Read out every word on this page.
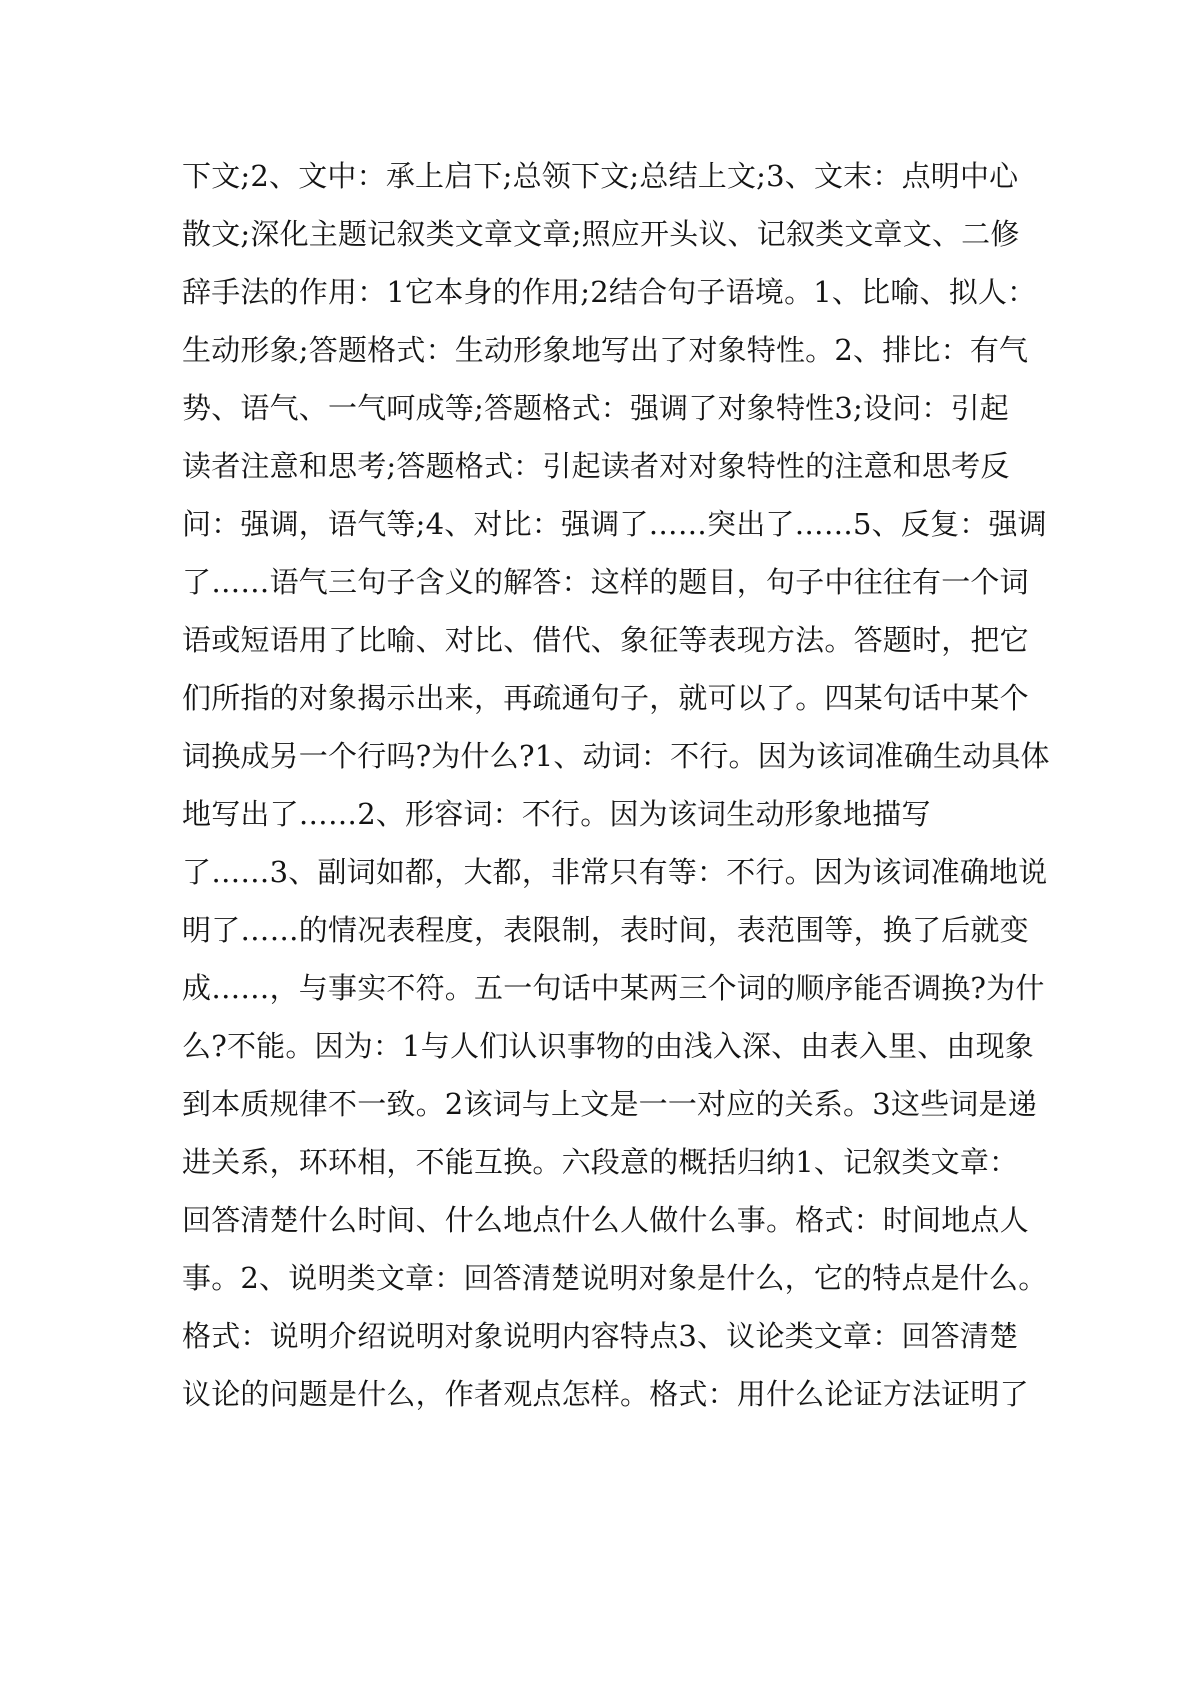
下文;2、文中：承上启下;总领下文;总结上文;3、文末：点明中心
散文;深化主题记叙类文章文章;照应开头议、记叙类文章文、二修
辞手法的作用：1它本身的作用;2结合句子语境。1、比喻、拟人：
生动形象;答题格式：生动形象地写出了对象特性。2、排比：有气
势、语气、一气呵成等;答题格式：强调了对象特性3;设问：引起
读者注意和思考;答题格式：引起读者对对象特性的注意和思考反
问：强调，语气等;4、对比：强调了……突出了……5、反复：强调
了……语气三句子含义的解答：这样的题目，句子中往往有一个词
语或短语用了比喻、对比、借代、象征等表现方法。答题时，把它
们所指的对象揭示出来，再疏通句子，就可以了。四某句话中某个
词换成另一个行吗?为什么?1、动词：不行。因为该词准确生动具体
地写出了……2、形容词：不行。因为该词生动形象地描写
了……3、副词如都，大都，非常只有等：不行。因为该词准确地说
明了……的情况表程度，表限制，表时间，表范围等，换了后就变
成……，与事实不符。五一句话中某两三个词的顺序能否调换?为什
么?不能。因为：1与人们认识事物的由浅入深、由表入里、由现象
到本质规律不一致。2该词与上文是一一对应的关系。3这些词是递
进关系，环环相，不能互换。六段意的概括归纳1、记叙类文章：
回答清楚什么时间、什么地点什么人做什么事。格式：时间地点人
事。2、说明类文章：回答清楚说明对象是什么，它的特点是什么。
格式：说明介绍说明对象说明内容特点3、议论类文章：回答清楚
议论的问题是什么，作者观点怎样。格式：用什么论证方法证明了
